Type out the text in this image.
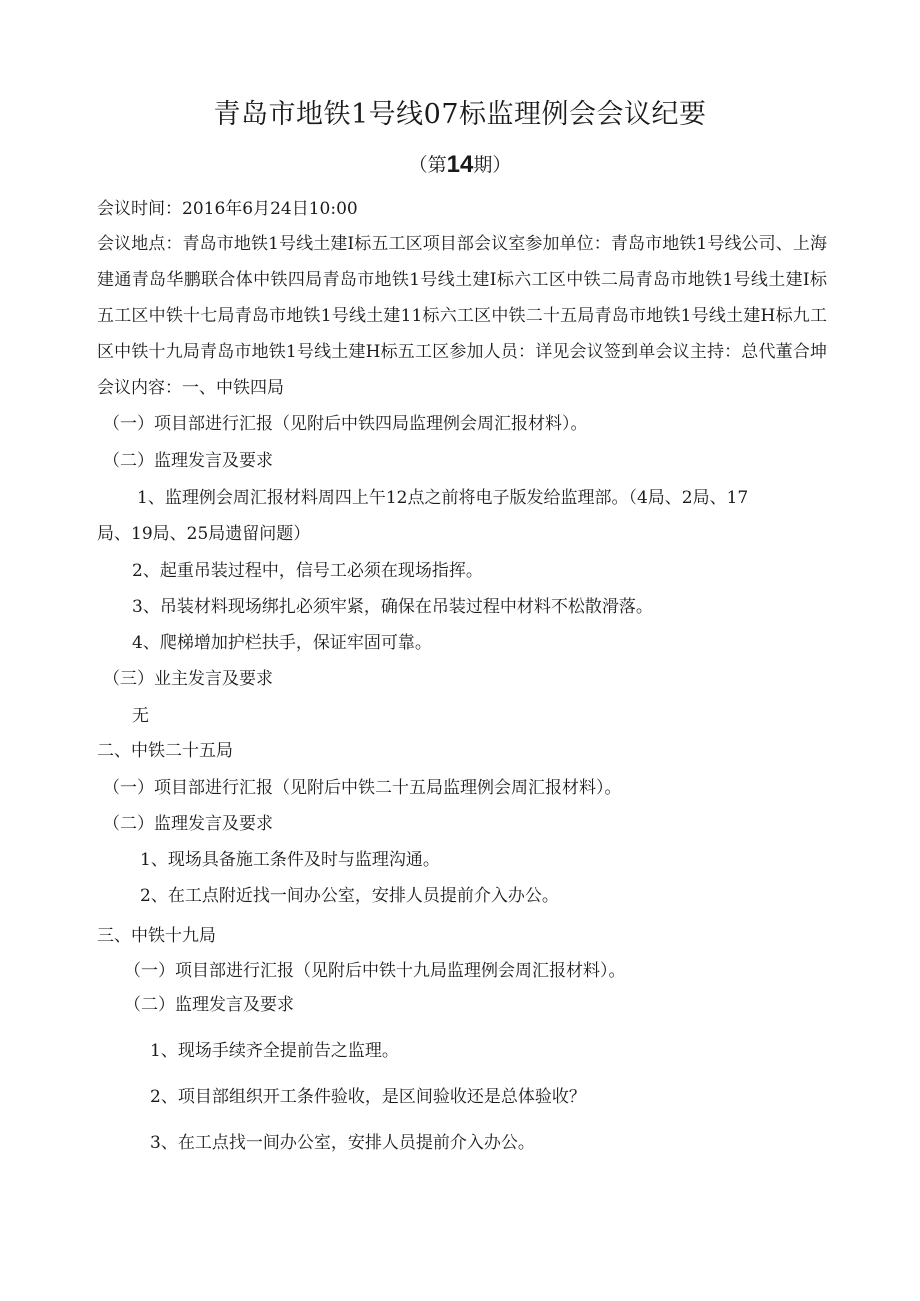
青岛市地铁1号线07标监理例会会议纪要
（第14期）
会议时间：2016年6月24日10:00
会议地点：青岛市地铁1号线土建Ⅰ标五工区项目部会议室参加单位：青岛市地铁1号线公司、上海建通青岛华鹏联合体中铁四局青岛市地铁1号线土建Ⅰ标六工区中铁二局青岛市地铁1号线土建Ⅰ标五工区中铁十七局青岛市地铁1号线土建11标六工区中铁二十五局青岛市地铁1号线土建H标九工区中铁十九局青岛市地铁1号线土建H标五工区参加人员：详见会议签到单会议主持：总代董合坤会议内容：一、中铁四局
（一）项目部进行汇报（见附后中铁四局监理例会周汇报材料）。
（二）监理发言及要求
1、监理例会周汇报材料周四上午12点之前将电子版发给监理部。（4局、2局、17
局、19局、25局遗留问题）
2、起重吊装过程中，信号工必须在现场指挥。
3、吊装材料现场绑扎必须牢紧，确保在吊装过程中材料不松散滑落。
4、爬梯增加护栏扶手，保证牢固可靠。
（三）业主发言及要求
无
二、中铁二十五局
（一）项目部进行汇报（见附后中铁二十五局监理例会周汇报材料）。
（二）监理发言及要求
1、现场具备施工条件及时与监理沟通。
2、在工点附近找一间办公室，安排人员提前介入办公。
三、中铁十九局
（一）项目部进行汇报（见附后中铁十九局监理例会周汇报材料）。
（二）监理发言及要求
1、现场手续齐全提前告之监理。
2、项目部组织开工条件验收，是区间验收还是总体验收？
3、在工点找一间办公室，安排人员提前介入办公。
